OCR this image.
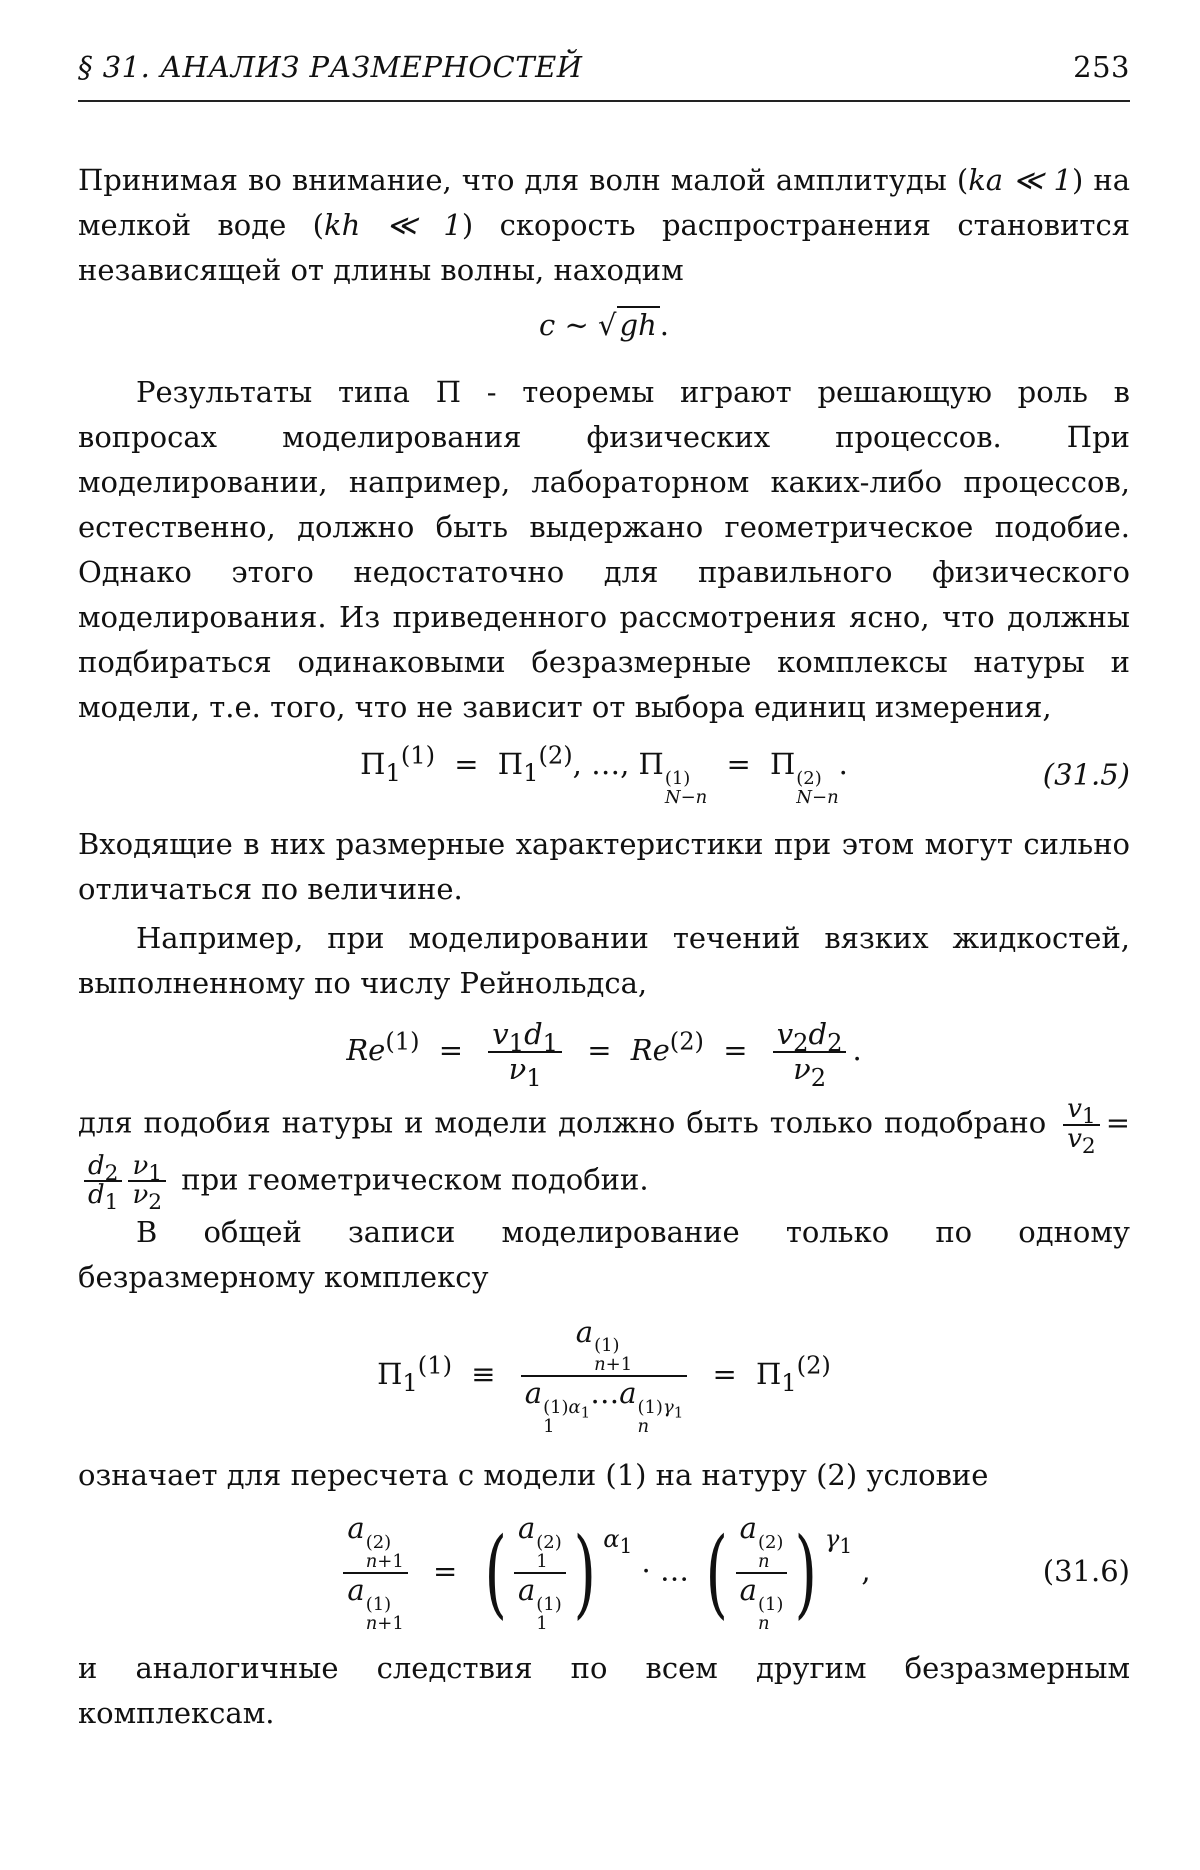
§ 31. АНАЛИЗ РАЗМЕРНОСТЕЙ	253

Принимая во внимание, что для волн малой амплитуды (ka ≪ 1) на мелкой воде (kh ≪ 1) скорость распространения становится независящей от длины волны, находим

c ∼ √ gh .

Результаты типа Π - теоремы играют решающую роль в вопросах моделирования физических процессов. При моделировании, например, лабораторном каких-либо процессов, естественно, должно быть выдержано геометрическое подобие. Однако этого недостаточно для правильного физического моделирования. Из приведенного рассмотрения ясно, что должны подбираться одинаковыми безразмерные комплексы натуры и модели, т.е. того, что не зависит от выбора единиц измерения,

$\Pi_1^{(1)} = \Pi_1^{(2)}$, …, Π (1)
N−n
= Π (2)
N−n
.	(31.5)

Входящие в них размерные характеристики при этом могут сильно отличаться по величине.

Например, при моделировании течений вязких жидкостей, выполненному по числу Рейнольдса,

$Re^{(1)} = \frac{v_1d_1}{\nu_1} = Re^{(2)} = \frac{v_2d_2}{\nu_2}$ .

для подобия натуры и модели должно быть только подобрано $\frac{v_1}{v_2}$ =
$\frac{d_2}{d_1} \frac{\nu_1}{\nu_2}$ при геометрическом подобии.

В общей записи моделирование только по одному безразмерному комплексу

$\Pi_1^{(1)} \equiv a$ (1)
n+1
a $(1)\alpha_1$
1
…a $(1)\gamma_1$
$n = \Pi_1^{(2)}$

означает для пересчета с модели (1) на натуру (2) условие

a (2)
n+1
a (1)
n+1 = ( a (2)
1
a (1)
1 ) $^{\alpha_1}$ · … ( a (2)
n
a (1)
n ) $^{\gamma_1}$ ,	(31.6)

и аналогичные следствия по всем другим безразмерным комплексам.
